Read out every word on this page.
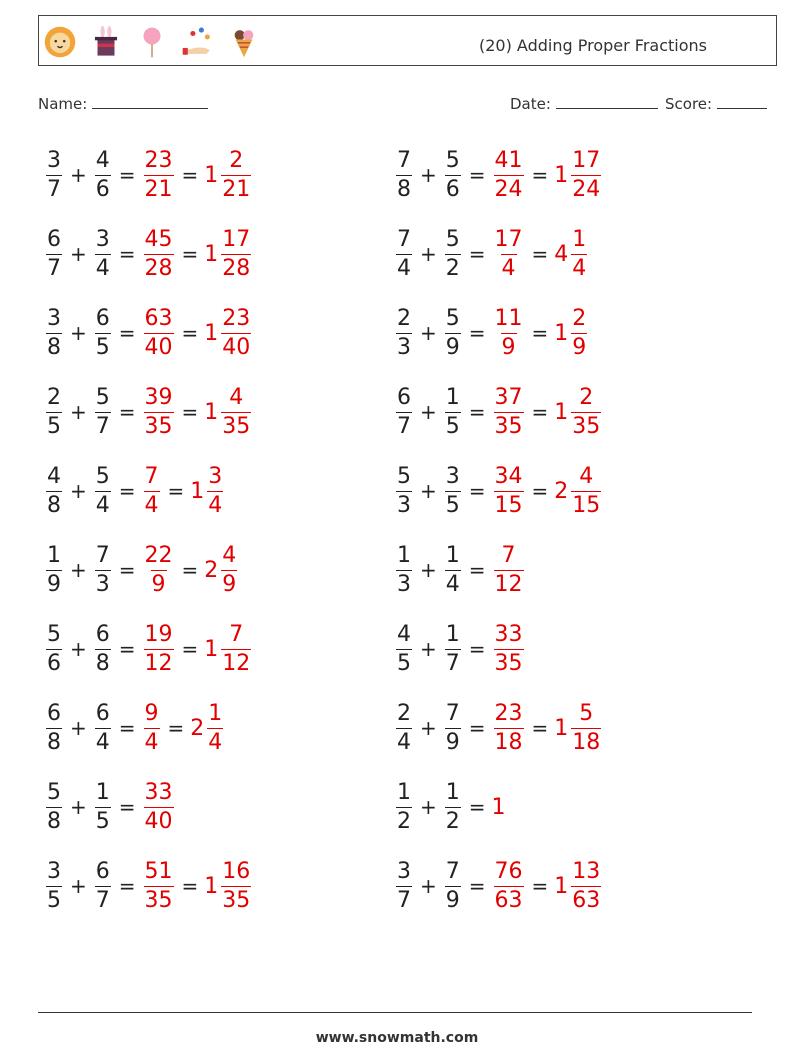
(20) Adding Proper Fractions
Name:	Date:	Score:
$\frac{3}{7} + \frac{4}{6} = \frac{23}{21} = 1 \frac{2}{21}$	$\frac{7}{8} + \frac{5}{6} = \frac{41}{24} = 1 \frac{17}{24}$
$\frac{6}{7} + \frac{3}{4} = \frac{45}{28} = 1 \frac{17}{28}$	$\frac{7}{4} + \frac{5}{2} = \frac{17}{4} = 4 \frac{1}{4}$
$\frac{3}{8} + \frac{6}{5} = \frac{63}{40} = 1 \frac{23}{40}$	$\frac{2}{3} + \frac{5}{9} = \frac{11}{9} = 1 \frac{2}{9}$
$\frac{2}{5} + \frac{5}{7} = \frac{39}{35} = 1 \frac{4}{35}$	$\frac{6}{7} + \frac{1}{5} = \frac{37}{35} = 1 \frac{2}{35}$
$\frac{4}{8} + \frac{5}{4} = \frac{7}{4} = 1 \frac{3}{4}$	$\frac{5}{3} + \frac{3}{5} = \frac{34}{15} = 2 \frac{4}{15}$
$\frac{1}{9} + \frac{7}{3} = \frac{22}{9} = 2 \frac{4}{9}$	$\frac{1}{3} + \frac{1}{4} = \frac{7}{12}$
$\frac{5}{6} + \frac{6}{8} = \frac{19}{12} = 1 \frac{7}{12}$	$\frac{4}{5} + \frac{1}{7} = \frac{33}{35}$
$\frac{6}{8} + \frac{6}{4} = \frac{9}{4} = 2 \frac{1}{4}$	$\frac{2}{4} + \frac{7}{9} = \frac{23}{18} = 1 \frac{5}{18}$
$\frac{5}{8} + \frac{1}{5} = \frac{33}{40}$	$\frac{1}{2} + \frac{1}{2} = 1$
$\frac{3}{5} + \frac{6}{7} = \frac{51}{35} = 1 \frac{16}{35}$	$\frac{3}{7} + \frac{7}{9} = \frac{76}{63} = 1 \frac{13}{63}$
www.snowmath.com
